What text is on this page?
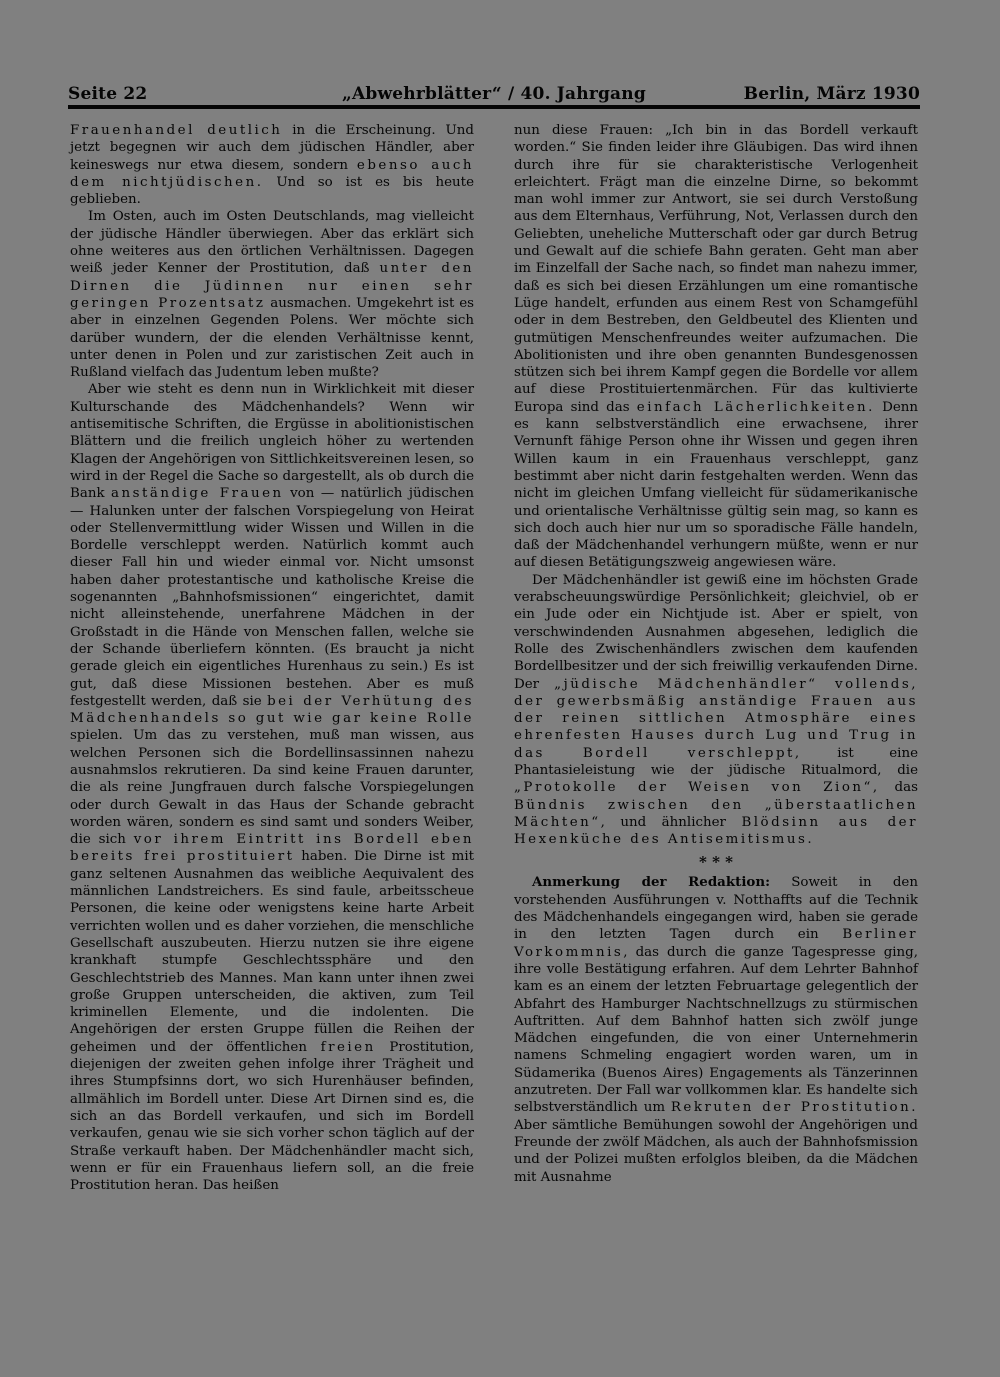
Seite 22	„Abwehrblätter“ / 40. Jahrgang	Berlin, März 1930

Frauenhandel deutlich in die Erscheinung. Und jetzt begegnen wir auch dem jüdischen Händler, aber keineswegs nur etwa diesem, sondern ebenso auch dem nichtjüdischen. Und so ist es bis heute geblieben.

Im Osten, auch im Osten Deutschlands, mag vielleicht der jüdische Händler überwiegen. Aber das erklärt sich ohne weiteres aus den örtlichen Verhältnissen. Dagegen weiß jeder Kenner der Prostitution, daß unter den Dirnen die Jüdinnen nur einen sehr geringen Prozentsatz ausmachen. Umgekehrt ist es aber in einzelnen Gegenden Polens. Wer möchte sich darüber wundern, der die elenden Verhältnisse kennt, unter denen in Polen und zur zaristischen Zeit auch in Rußland vielfach das Judentum leben mußte?

Aber wie steht es denn nun in Wirklichkeit mit dieser Kulturschande des Mädchenhandels? Wenn wir antisemitische Schriften, die Ergüsse in abolitionistischen Blättern und die freilich ungleich höher zu wertenden Klagen der Angehörigen von Sittlichkeitsvereinen lesen, so wird in der Regel die Sache so dargestellt, als ob durch die Bank anständige Frauen von — natürlich jüdischen — Halunken unter der falschen Vorspiegelung von Heirat oder Stellenvermittlung wider Wissen und Willen in die Bordelle verschleppt werden. Natürlich kommt auch dieser Fall hin und wieder einmal vor. Nicht umsonst haben daher protestantische und katholische Kreise die sogenannten „Bahnhofsmissionen“ eingerichtet, damit nicht alleinstehende, unerfahrene Mädchen in der Großstadt in die Hände von Menschen fallen, welche sie der Schande überliefern könnten. (Es braucht ja nicht gerade gleich ein eigentliches Hurenhaus zu sein.) Es ist gut, daß diese Missionen bestehen. Aber es muß festgestellt werden, daß sie bei der Verhütung des Mädchenhandels so gut wie gar keine Rolle spielen. Um das zu verstehen, muß man wissen, aus welchen Personen sich die Bordellinsassinnen nahezu ausnahmslos rekrutieren. Da sind keine Frauen darunter, die als reine Jungfrauen durch falsche Vorspiegelungen oder durch Gewalt in das Haus der Schande gebracht worden wären, sondern es sind samt und sonders Weiber, die sich vor ihrem Eintritt ins Bordell eben bereits frei prostituiert haben. Die Dirne ist mit ganz seltenen Ausnahmen das weibliche Aequivalent des männlichen Landstreichers. Es sind faule, arbeitsscheue Personen, die keine oder wenigstens keine harte Arbeit verrichten wollen und es daher vorziehen, die menschliche Gesellschaft auszubeuten. Hierzu nutzen sie ihre eigene krankhaft stumpfe Geschlechtssphäre und den Geschlechtstrieb des Mannes. Man kann unter ihnen zwei große Gruppen unterscheiden, die aktiven, zum Teil kriminellen Elemente, und die indolenten. Die Angehörigen der ersten Gruppe füllen die Reihen der geheimen und der öffentlichen freien Prostitution, diejenigen der zweiten gehen infolge ihrer Trägheit und ihres Stumpfsinns dort, wo sich Hurenhäuser befinden, allmählich im Bordell unter. Diese Art Dirnen sind es, die sich an das Bordell verkaufen, und sich im Bordell verkaufen, genau wie sie sich vorher schon täglich auf der Straße verkauft haben. Der Mädchenhändler macht sich, wenn er für ein Frauenhaus liefern soll, an die freie Prostitution heran. Das heißen

nun diese Frauen: „Ich bin in das Bordell verkauft worden.“ Sie finden leider ihre Gläubigen. Das wird ihnen durch ihre für sie charakteristische Verlogenheit erleichtert. Frägt man die einzelne Dirne, so bekommt man wohl immer zur Antwort, sie sei durch Verstoßung aus dem Elternhaus, Verführung, Not, Verlassen durch den Geliebten, uneheliche Mutterschaft oder gar durch Betrug und Gewalt auf die schiefe Bahn geraten. Geht man aber im Einzelfall der Sache nach, so findet man nahezu immer, daß es sich bei diesen Erzählungen um eine romantische Lüge handelt, erfunden aus einem Rest von Schamgefühl oder in dem Bestreben, den Geldbeutel des Klienten und gutmütigen Menschenfreundes weiter aufzumachen. Die Abolitionisten und ihre oben genannten Bundesgenossen stützen sich bei ihrem Kampf gegen die Bordelle vor allem auf diese Prostituiertenmärchen. Für das kultivierte Europa sind das einfach Lächerlichkeiten. Denn es kann selbstverständlich eine erwachsene, ihrer Vernunft fähige Person ohne ihr Wissen und gegen ihren Willen kaum in ein Frauenhaus verschleppt, ganz bestimmt aber nicht darin festgehalten werden. Wenn das nicht im gleichen Umfang vielleicht für südamerikanische und orientalische Verhältnisse gültig sein mag, so kann es sich doch auch hier nur um so sporadische Fälle handeln, daß der Mädchenhandel verhungern müßte, wenn er nur auf diesen Betätigungszweig angewiesen wäre.

Der Mädchenhändler ist gewiß eine im höchsten Grade verabscheuungswürdige Persönlichkeit; gleichviel, ob er ein Jude oder ein Nichtjude ist. Aber er spielt, von verschwindenden Ausnahmen abgesehen, lediglich die Rolle des Zwischenhändlers zwischen dem kaufenden Bordellbesitzer und der sich freiwillig verkaufenden Dirne. Der „jüdische Mädchenhändler“ vollends, der gewerbsmäßig anständige Frauen aus der reinen sittlichen Atmosphäre eines ehrenfesten Hauses durch Lug und Trug in das Bordell verschleppt, ist eine Phantasieleistung wie der jüdische Ritualmord, die „Protokolle der Weisen von Zion“, das Bündnis zwischen den „überstaatlichen Mächten“, und ähnlicher Blödsinn aus der Hexenküche des Antisemitismus.

* * *

Anmerkung der Redaktion: Soweit in den vorstehenden Ausführungen v. Notthaffts auf die Technik des Mädchenhandels eingegangen wird, haben sie gerade in den letzten Tagen durch ein Berliner Vorkommnis, das durch die ganze Tagespresse ging, ihre volle Bestätigung erfahren. Auf dem Lehrter Bahnhof kam es an einem der letzten Februartage gelegentlich der Abfahrt des Hamburger Nachtschnellzugs zu stürmischen Auftritten. Auf dem Bahnhof hatten sich zwölf junge Mädchen eingefunden, die von einer Unternehmerin namens Schmeling engagiert worden waren, um in Südamerika (Buenos Aires) Engagements als Tänzerinnen anzutreten. Der Fall war vollkommen klar. Es handelte sich selbstverständlich um Rekruten der Prostitution. Aber sämtliche Bemühungen sowohl der Angehörigen und Freunde der zwölf Mädchen, als auch der Bahnhofsmission und der Polizei mußten erfolglos bleiben, da die Mädchen mit Ausnahme
